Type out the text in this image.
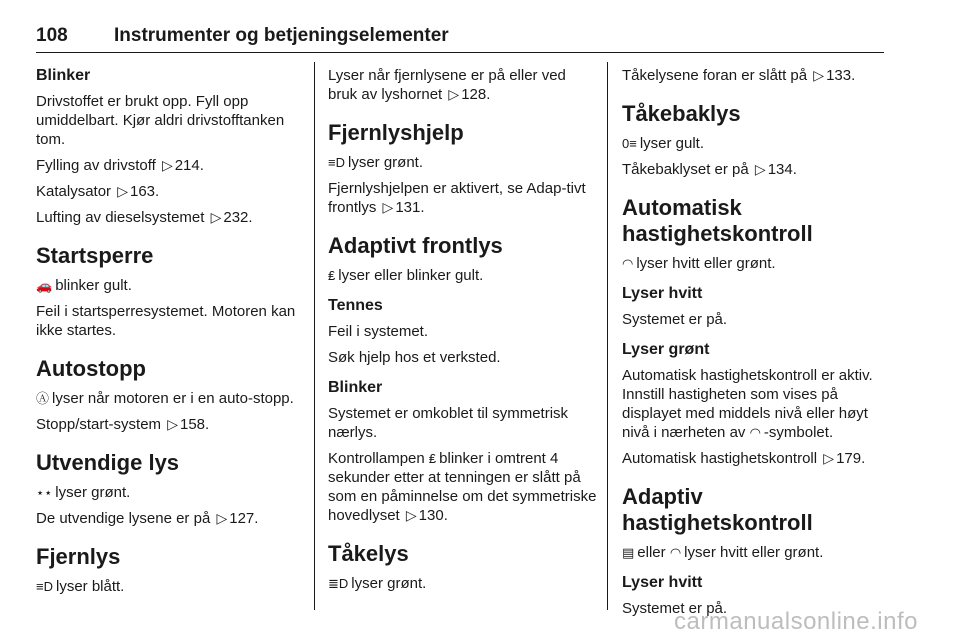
108 Instrumenter og betjeningselementer
Blinker

Drivstoffet er brukt opp. Fyll opp umiddelbart. Kjør aldri drivstofftanken tom.

Fylling av drivstoff ▷ 214.

Katalysator ▷ 163.

Lufting av dieselsystemet ▷ 232.

Startsperre

🚗 blinker gult.

Feil i startsperresystemet. Motoren kan ikke startes.

Autostopp

Ⓐ lyser når motoren er i en auto-stopp.

Stopp/start-system ▷ 158.

Utvendige lys

⋆⋆ lyser grønt.

De utvendige lysene er på ▷ 127.

Fjernlys

≡D lyser blått.

Lyser når fjernlysene er på eller ved bruk av lyshornet ▷ 128.

Fjernlyshjelp

≡D lyser grønt.

Fjernlyshjelpen er aktivert, se Adap-tivt frontlys ▷ 131.

Adaptivt frontlys

₤ lyser eller blinker gult.

Tennes

Feil i systemet.

Søk hjelp hos et verksted.

Blinker

Systemet er omkoblet til symmetrisk nærlys.

Kontrollampen ₤ blinker i omtrent 4 sekunder etter at tenningen er slått på som en påminnelse om det symmetriske hovedlyset ▷ 130.

Tåkelys

≣D lyser grønt.

Tåkelysene foran er slått på ▷ 133.

Tåkebaklys

0≡ lyser gult.

Tåkebaklyset er på ▷ 134.

Automatisk
hastighetskontroll

◠ lyser hvitt eller grønt.

Lyser hvitt

Systemet er på.

Lyser grønt

Automatisk hastighetskontroll er aktiv. Innstill hastigheten som vises på displayet med middels nivå eller høyt nivå i nærheten av ◠ -symbolet.

Automatisk hastighetskontroll ▷ 179.

Adaptiv hastighetskontroll

▤ eller ◠ lyser hvitt eller grønt.

Lyser hvitt

Systemet er på.

carmanualsonline.info
